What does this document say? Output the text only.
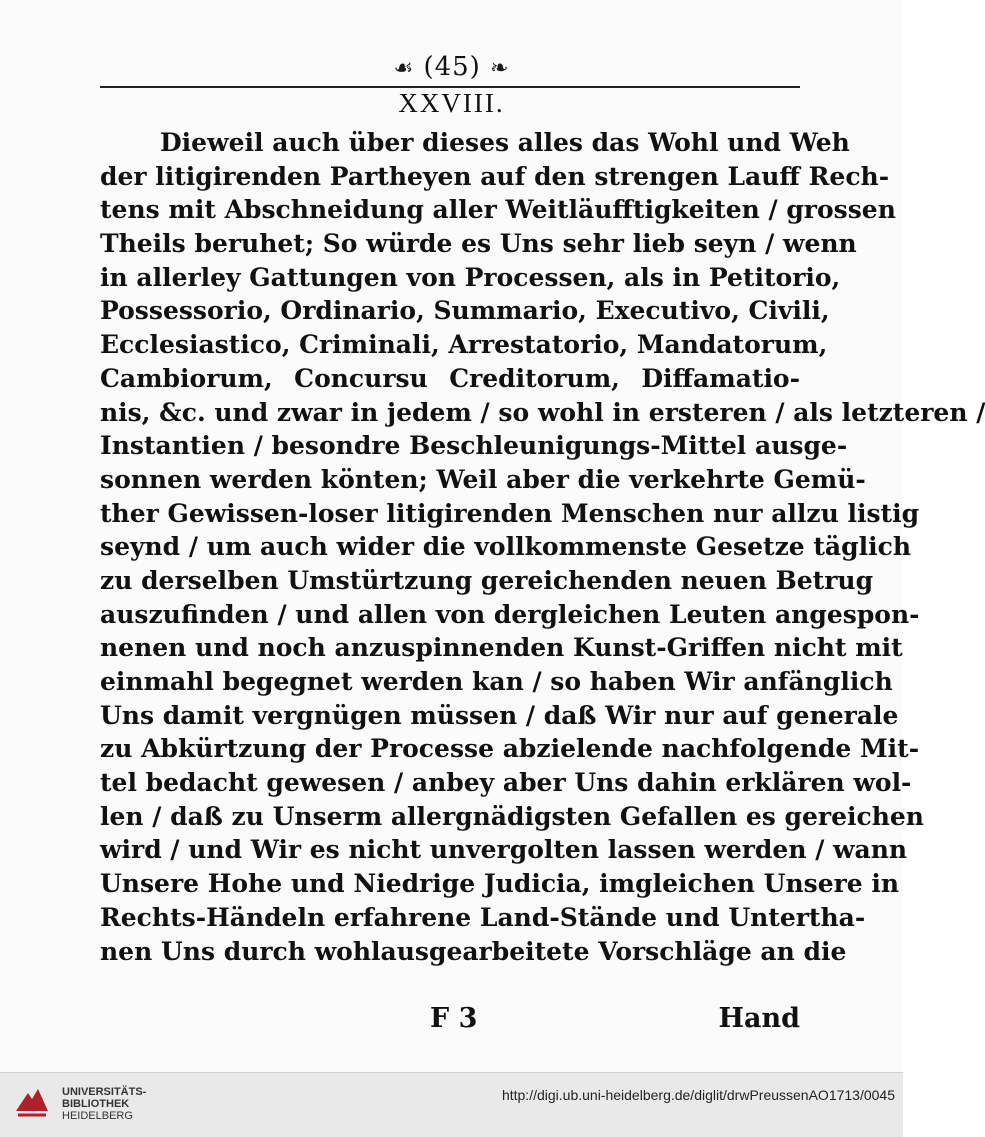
☙ (45) ❧
XXVIII.
Dieweil auch über dieses alles das Wohl und Weh
der litigirenden Partheyen auf den strengen Lauff Rech-
tens mit Abschneidung aller Weitläufftigkeiten / grossen
Theils beruhet; So würde es Uns sehr lieb seyn / wenn
in allerley Gattungen von Processen, als in Petitorio,
Possessorio, Ordinario, Summario, Executivo, Civili,
Ecclesiastico, Criminali, Arrestatorio, Mandatorum,
Cambiorum, Concursu Creditorum, Diffamatio-
nis, &c. und zwar in jedem / so wohl in ersteren / als letzteren /
Instantien / besondre Beschleunigungs-Mittel ausge-
sonnen werden könten; Weil aber die verkehrte Gemü-
ther Gewissen-loser litigirenden Menschen nur allzu listig
seynd / um auch wider die vollkommenste Gesetze täglich
zu derselben Umstürtzung gereichenden neuen Betrug
auszufinden / und allen von dergleichen Leuten angespon-
nenen und noch anzuspinnenden Kunst-Griffen nicht mit
einmahl begegnet werden kan / so haben Wir anfänglich
Uns damit vergnügen müssen / daß Wir nur auf generale
zu Abkürtzung der Processe abzielende nachfolgende Mit-
tel bedacht gewesen / anbey aber Uns dahin erklären wol-
len / daß zu Unserm allergnädigsten Gefallen es gereichen
wird / und Wir es nicht unvergolten lassen werden / wann
Unsere Hohe und Niedrige Judicia, imgleichen Unsere in
Rechts-Händeln erfahrene Land-Stände und Untertha-
nen Uns durch wohlausgearbeitete Vorschläge an die
F 3	Hand
UNIVERSITÄTS-
BIBLIOTHEK
HEIDELBERG
http://digi.ub.uni-heidelberg.de/diglit/drwPreussenAO1713/0045
